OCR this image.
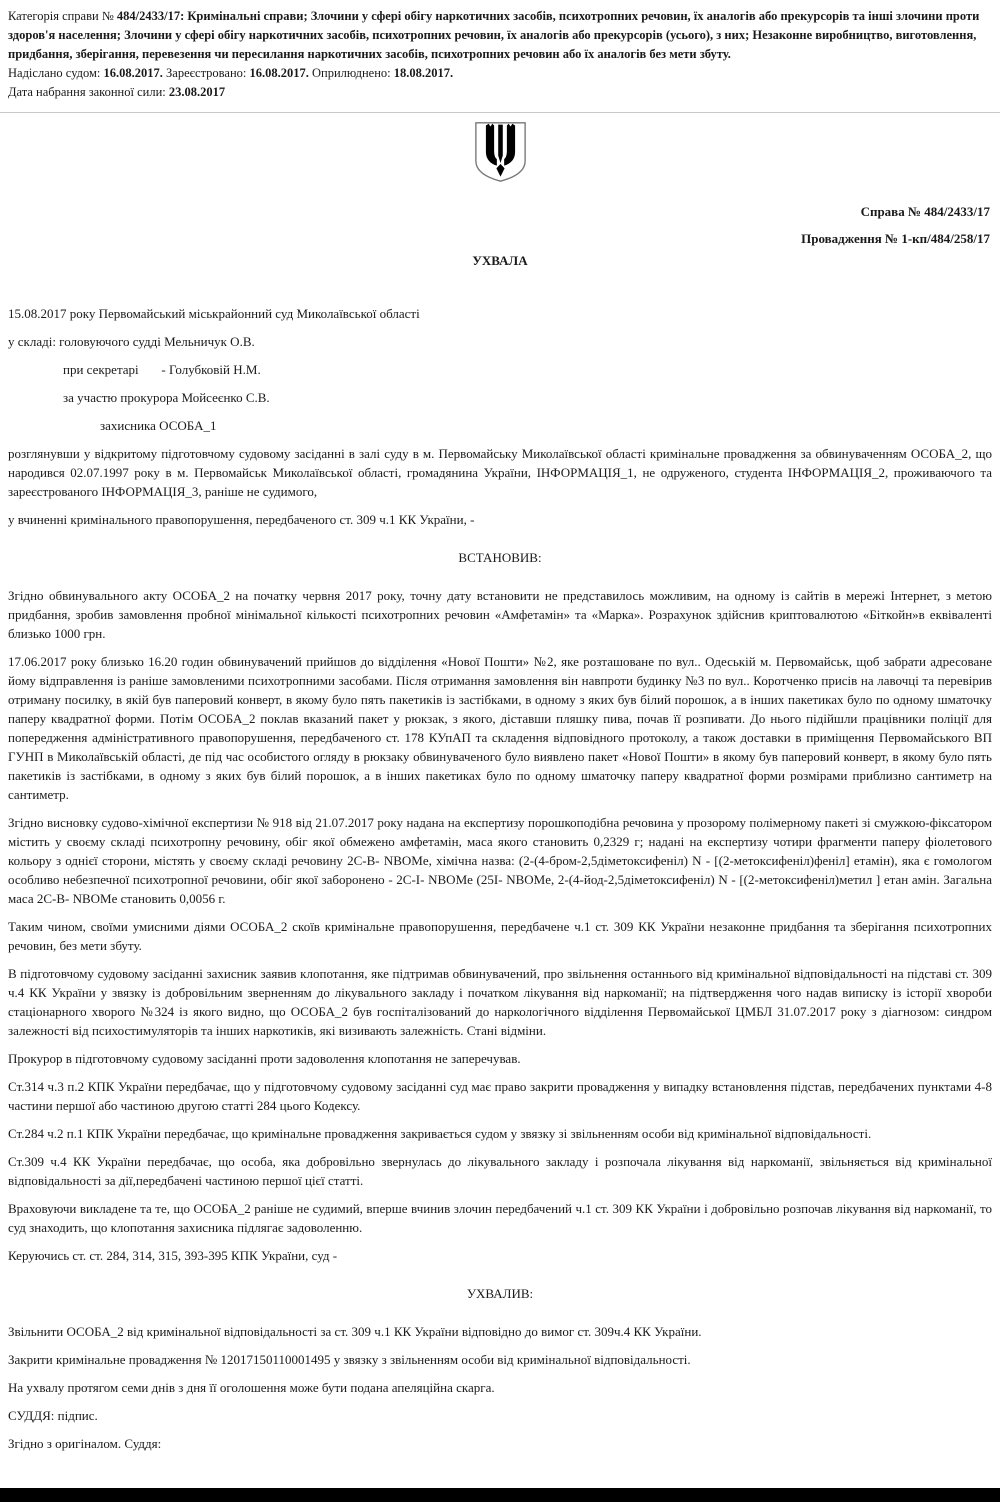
Категорія справи № 484/2433/17: Кримінальні справи; Злочини у сфері обігу наркотичних засобів, психотропних речовин, їх аналогів або прекурсорів та інші злочини проти здоров'я населення; Злочини у сфері обігу наркотичних засобів, психотропних речовин, їх аналогів або прекурсорів (усього), з них; Незаконне виробництво, виготовлення, придбання, зберігання, перевезення чи пересилання наркотичних засобів, психотропних речовин або їх аналогів без мети збуту.
Надіслано судом: 16.08.2017. Зареєстровано: 16.08.2017. Оприлюднено: 18.08.2017.
Дата набрання законної сили: 23.08.2017
Справа № 484/2433/17
Провадження № 1-кп/484/258/17
УХВАЛА

15.08.2017 року Первомайський міськрайонний суд Миколаївської області

у складі: головуючого судді Мельничук О.В.

при секретарі       - Голубковій Н.М.

за участю прокурора Мойсеєнко С.В.

захисника ОСОБА_1

розглянувши у відкритому підготовчому судовому засіданні в залі суду в м. Первомайську Миколаївської області кримінальне провадження за обвинуваченням ОСОБА_2, що народився 02.07.1997 року в м. Первомайськ Миколаївської області, громадянина України, ІНФОРМАЦІЯ_1, не одруженого, студента ІНФОРМАЦІЯ_2, проживаючого та зареєстрованого ІНФОРМАЦІЯ_3, раніше не судимого,

у вчиненні кримінального правопорушення, передбаченого ст. 309 ч.1 КК України, -

ВСТАНОВИВ:

Згідно обвинувального акту ОСОБА_2 на початку червня 2017 року, точну дату встановити не представилось можливим, на одному із сайтів в мережі Інтернет, з метою придбання, зробив замовлення пробної мінімальної кількості психотропних речовин «Амфетамін» та «Марка». Розрахунок здійснив криптовалютою «Біткойн»в еквіваленті близько 1000 грн.

17.06.2017 року близько 16.20 годин обвинувачений прийшов до відділення «Нової Пошти» №2, яке розташоване по вул.. Одеській м. Первомайськ, щоб забрати адресоване йому відправлення із раніше замовленими психотропними засобами. Після отримання замовлення він навпроти будинку №3 по вул.. Коротченко присів на лавочці та перевірив отриману посилку, в якій був паперовий конверт, в якому було пять пакетиків із застібками, в одному з яких був білий порошок, а в інших пакетиках було по одному шматочку паперу квадратної форми. Потім ОСОБА_2 поклав вказаний пакет у рюкзак, з якого, діставши пляшку пива, почав її розпивати. До нього підійшли працівники поліції для попередження адміністративного правопорушення, передбаченого ст. 178 КУпАП та складення відповідного протоколу, а також доставки в приміщення Первомайського ВП ГУНП в Миколаївській області, де під час особистого огляду в рюкзаку обвинуваченого було виявлено пакет «Нової Пошти» в якому був паперовий конверт, в якому було пять пакетиків із застібками, в одному з яких був білий порошок, а в інших пакетиках було по одному шматочку паперу квадратної форми розмірами приблизно сантиметр на сантиметр.

Згідно висновку судово-хімічної експертизи № 918 від 21.07.2017 року надана на експертизу порошкоподібна речовина у прозорому полімерному пакеті зі смужкою-фіксатором містить у своєму складі психотропну речовину, обіг якої обмежено амфетамін, маса якого становить 0,2329 г; надані на експертизу чотири фрагменти паперу фіолетового кольору з однієї сторони, містять у своєму складі речовину 2С-В- NBOMe, хімічна назва: (2-(4-бром-2,5діметоксифеніл) N - [(2-метоксифеніл)феніл] етамін), яка є гомологом особливо небезпечної психотропної речовини, обіг якої заборонено - 2С-І- NBOMe (25І- NBOMe, 2-(4-йод-2,5діметоксифеніл) N - [(2-метоксифеніл)метил ] етан амін. Загальна маса 2С-В- NBOMe становить 0,0056 г.

Таким чином, своїми умисними діями ОСОБА_2 скоїв кримінальне правопорушення, передбачене ч.1 ст. 309 КК України незаконне придбання та зберігання психотропних речовин, без мети збуту.

В підготовчому судовому засіданні захисник заявив клопотання, яке підтримав обвинувачений, про звільнення останнього від кримінальної відповідальності на підставі ст. 309 ч.4 КК України у звязку із добровільним зверненням до лікувального закладу і початком лікування від наркоманії; на підтвердження чого надав виписку із історії хвороби стаціонарного хворого №324 із якого видно, що ОСОБА_2 був госпіталізований до наркологічного відділення Первомайської ЦМБЛ 31.07.2017 року з діагнозом: синдром залежності від психостимуляторів та інших наркотиків, які визивають залежність. Стані відміни.

Прокурор в підготовчому судовому засіданні проти задоволення клопотання не заперечував.

Ст.314 ч.3 п.2 КПК України передбачає, що у підготовчому судовому засіданні суд має право закрити провадження у випадку встановлення підстав, передбачених пунктами 4-8 частини першої або частиною другою статті 284 цього Кодексу.

Ст.284 ч.2 п.1 КПК України передбачає, що кримінальне провадження закривається судом у звязку зі звільненням особи від кримінальної відповідальності.

Ст.309 ч.4 КК України передбачає, що особа, яка добровільно звернулась до лікувального закладу і розпочала лікування від наркоманії, звільняється від кримінальної відповідальності за дії,передбачені частиною першої цієї статті.

Враховуючи викладене та те, що ОСОБА_2 раніше не судимий, вперше вчинив злочин передбачений ч.1 ст. 309 КК України і добровільно розпочав лікування від наркоманії, то суд знаходить, що клопотання захисника підлягає задоволенню.

Керуючись ст. ст. 284, 314, 315, 393-395 КПК України, суд -

УХВАЛИВ:

Звільнити ОСОБА_2 від кримінальної відповідальності за ст. 309 ч.1 КК України відповідно до вимог ст. 309ч.4 КК України.

Закрити кримінальне провадження № 12017150110001495 у звязку з звільненням особи від кримінальної відповідальності.

На ухвалу протягом семи днів з дня її оголошення може бути подана апеляційна скарга.

СУДДЯ: підпис.

Згідно з оригіналом. Суддя:
